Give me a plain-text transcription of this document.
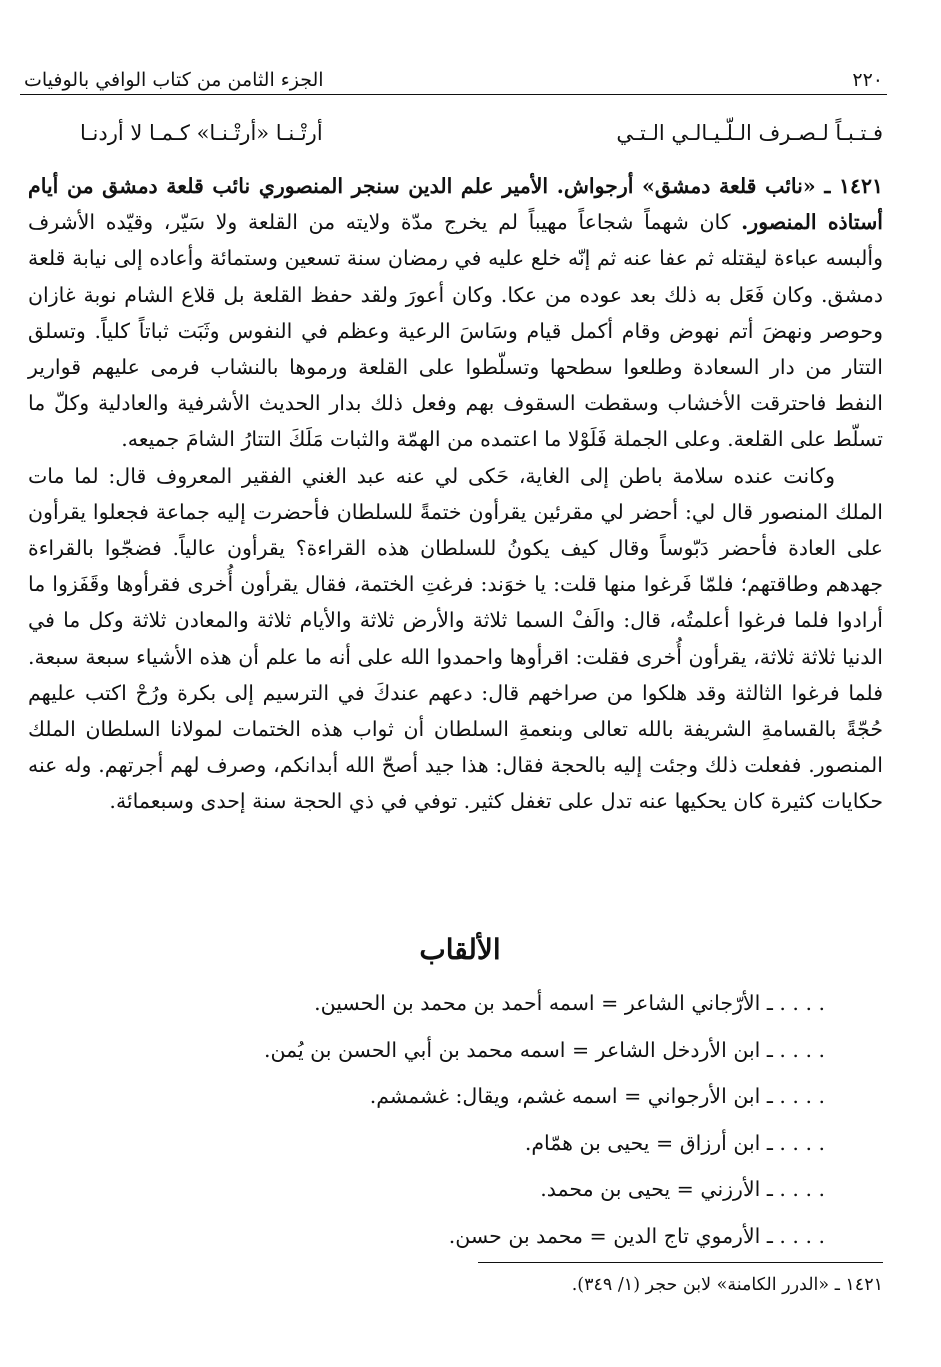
٢٢٠
الجزء الثامن من كتاب الوافي بالوفيات
فـتـبـاً لـصـرف الـلّـيـالـي الـتـي
أرتْـنـا «أرتْـنـا» كـمـا لا أردنـا

١٤٢١ ـ «نائب قلعة دمشق» أرجواش. الأمير علم الدين سنجر المنصوري نائب قلعة دمشق من أيام أستاذه المنصور. كان شهماً شجاعاً مهيباً لم يخرج مدّة ولايته من القلعة ولا سَيّر، وقيّده الأشرف وألبسه عباءة ليقتله ثم عفا عنه ثم إنّه خلع عليه في رمضان سنة تسعين وستمائة وأعاده إلى نيابة قلعة دمشق. وكان فَعَل به ذلك بعد عوده من عكا. وكان أعورَ ولقد حفظ القلعة بل قلاع الشام نوبة غازان وحوصر ونهضَ أتم نهوض وقام أكمل قيام وسَاسَ الرعية وعظم في النفوس وثَبَت ثباتاً كلياً. وتسلق التتار من دار السعادة وطلعوا سطحها وتسلّطوا على القلعة ورموها بالنشاب فرمى عليهم قوارير النفط فاحترقت الأخشاب وسقطت السقوف بهم وفعل ذلك بدار الحديث الأشرفية والعادلية وكلّ ما تسلّط على القلعة. وعلى الجملة فَلَوْلا ما اعتمده من الهمّة والثبات مَلَكَ التتارُ الشامَ جميعه.

وكانت عنده سلامة باطن إلى الغاية، حَكى لي عنه عبد الغني الفقير المعروف قال: لما مات الملك المنصور قال لي: أحضر لي مقرئين يقرأون ختمةً للسلطان فأحضرت إليه جماعة فجعلوا يقرأون على العادة فأحضر دَبّوساً وقال كيف يكونُ للسلطان هذه القراءة؟ يقرأون عالياً. فضجّوا بالقراءة جهدهم وطاقتهم؛ فلمّا فَرغوا منها قلت: يا خوَند: فرغتِ الختمة، فقال يقرأون أُخرى فقرأوها وقَفَزوا ما أرادوا فلما فرغوا أعلمتُه، قال: والَفْ السما ثلاثة والأرض ثلاثة والأيام ثلاثة والمعادن ثلاثة وكل ما في الدنيا ثلاثة ثلاثة، يقرأون أُخرى فقلت: اقرأوها واحمدوا الله على أنه ما علم أن هذه الأشياء سبعة سبعة. فلما فرغوا الثالثة وقد هلكوا من صراخهم قال: دعهم عندكَ في الترسيم إلى بكرة ورُحْ اكتب عليهم حُجّةً بالقسامةِ الشريفة بالله تعالى وبنعمةِ السلطان أن ثواب هذه الختمات لمولانا السلطان الملك المنصور. ففعلت ذلك وجئت إليه بالحجة فقال: هذا جيد أصحّ الله أبدانكم، وصرف لهم أجرتهم. وله عنه حكايات كثيرة كان يحكيها عنه تدل على تغفل كثير. توفي في ذي الحجة سنة إحدى وسبعمائة.

الألقاب
. . . . ـ الأرّجاني الشاعر = اسمه أحمد بن محمد بن الحسين.
. . . . ـ ابن الأردخل الشاعر = اسمه محمد بن أبي الحسن بن يُمن.
. . . . ـ ابن الأرجواني = اسمه غشم، ويقال: غشمشم.
. . . . ـ ابن أرزاق = يحيى بن همّام.
. . . . ـ الأرزني = يحيى بن محمد.
. . . . ـ الأرموي تاج الدين = محمد بن حسن.
١٤٢١ ـ «الدرر الكامنة» لابن حجر (١/ ٣٤٩).
